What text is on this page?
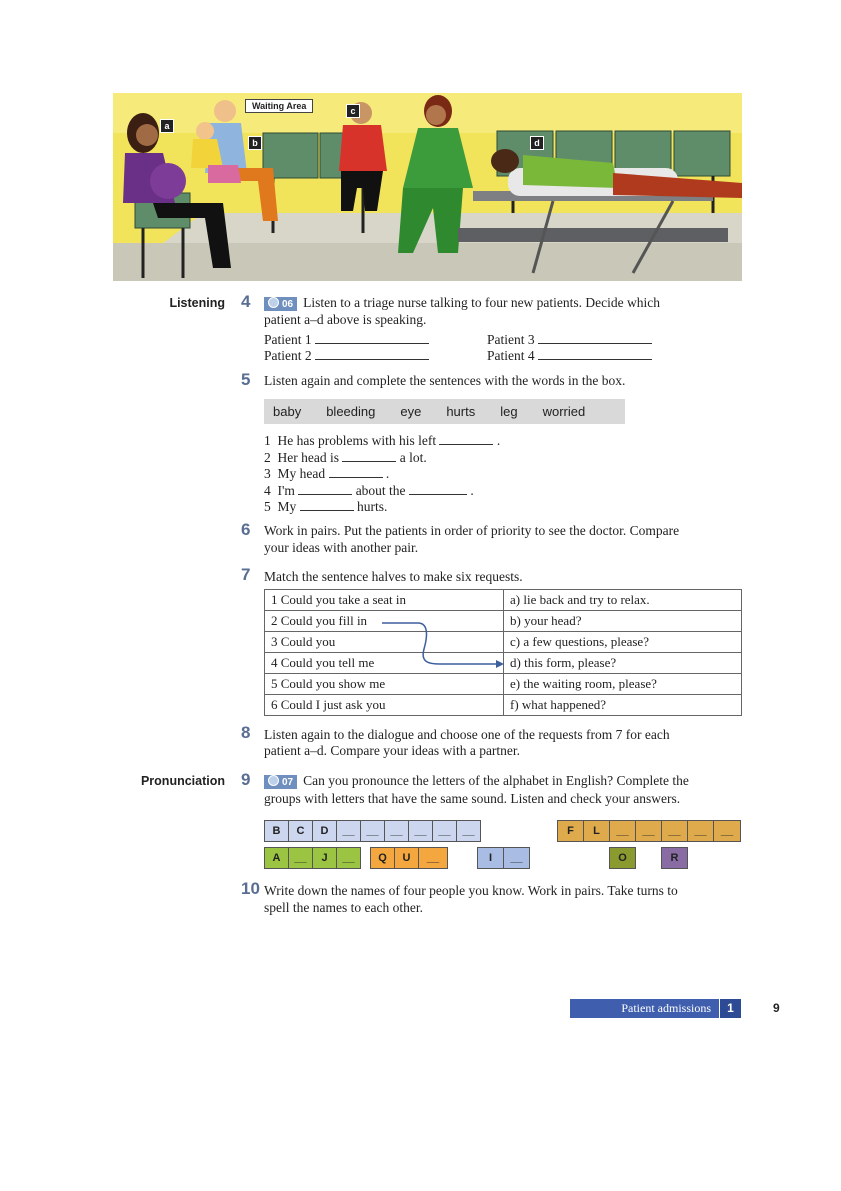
Waiting Area
a
b
c
d
Listening
Pronunciation
4	06 Listen to a triage nurse talking to four new patients. Decide which
patient a–d above is speaking.
Patient 1
Patient 2
Patient 3
Patient 4
5 Listen again and complete the sentences with the words in the box.
baby bleeding eye hurts leg worried
1 He has problems with his left	.
2 Her head is	a lot.
3 My head	.
4 I'm	about the	.
5 My	hurts.
6 Work in pairs. Put the patients in order of priority to see the doctor. Compare
your ideas with another pair.
7 Match the sentence halves to make six requests.
1 Could you take a seat in	a) lie back and try to relax.
2 Could you fill in	b) your head?
3 Could you	c) a few questions, please?
4 Could you tell me	d) this form, please?
5 Could you show me	e) the waiting room, please?
6 Could I just ask you	f) what happened?
8 Listen again to the dialogue and choose one of the requests from 7 for each
patient a–d. Compare your ideas with a partner.
9	07 Can you pronounce the letters of the alphabet in English? Complete the
groups with letters that have the same sound. Listen and check your answers.
B	C	D	__	__	__	__	__	__
A	__	J	__	Q	U	__	I	__
F	L	__	__	__	__	__
O	R
10 Write down the names of four people you know. Work in pairs. Take turns to
spell the names to each other.
Patient admissions	1	9
